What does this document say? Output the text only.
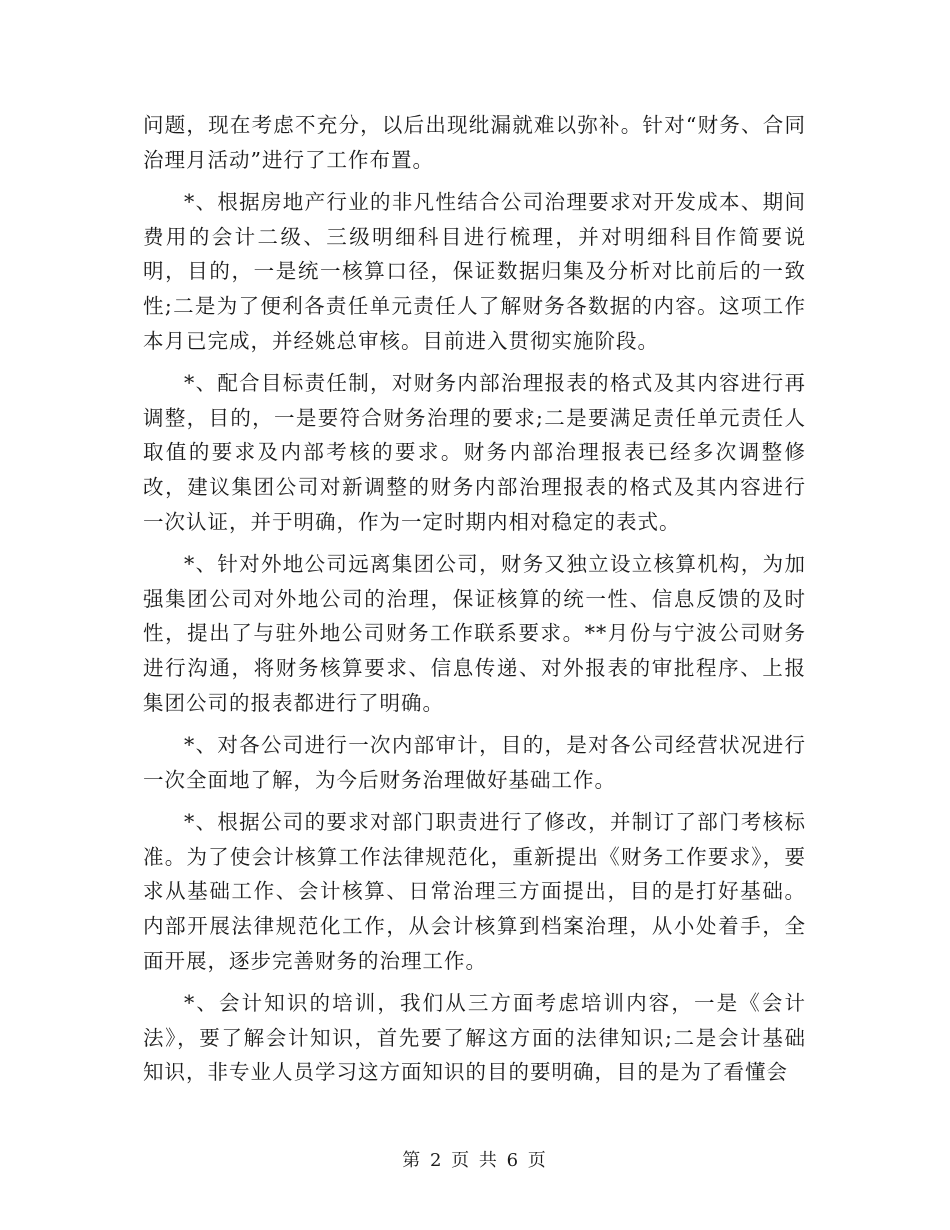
问题，现在考虑不充分，以后出现纰漏就难以弥补。针对“财务、合同治理月活动”进行了工作布置。

*、根据房地产行业的非凡性结合公司治理要求对开发成本、期间费用的会计二级、三级明细科目进行梳理，并对明细科目作简要说明，目的，一是统一核算口径，保证数据归集及分析对比前后的一致性;二是为了便利各责任单元责任人了解财务各数据的内容。这项工作本月已完成，并经姚总审核。目前进入贯彻实施阶段。

*、配合目标责任制，对财务内部治理报表的格式及其内容进行再调整，目的，一是要符合财务治理的要求;二是要满足责任单元责任人取值的要求及内部考核的要求。财务内部治理报表已经多次调整修改，建议集团公司对新调整的财务内部治理报表的格式及其内容进行一次认证，并于明确，作为一定时期内相对稳定的表式。

*、针对外地公司远离集团公司，财务又独立设立核算机构，为加强集团公司对外地公司的治理，保证核算的统一性、信息反馈的及时性，提出了与驻外地公司财务工作联系要求。**月份与宁波公司财务进行沟通，将财务核算要求、信息传递、对外报表的审批程序、上报集团公司的报表都进行了明确。

*、对各公司进行一次内部审计，目的，是对各公司经营状况进行一次全面地了解，为今后财务治理做好基础工作。

*、根据公司的要求对部门职责进行了修改，并制订了部门考核标准。为了使会计核算工作法律规范化，重新提出《财务工作要求》，要求从基础工作、会计核算、日常治理三方面提出，目的是打好基础。内部开展法律规范化工作，从会计核算到档案治理，从小处着手，全面开展，逐步完善财务的治理工作。

*、会计知识的培训，我们从三方面考虑培训内容，一是《会计法》，要了解会计知识，首先要了解这方面的法律知识;二是会计基础知识，非专业人员学习这方面知识的目的要明确，目的是为了看懂会

第 2 页 共 6 页
